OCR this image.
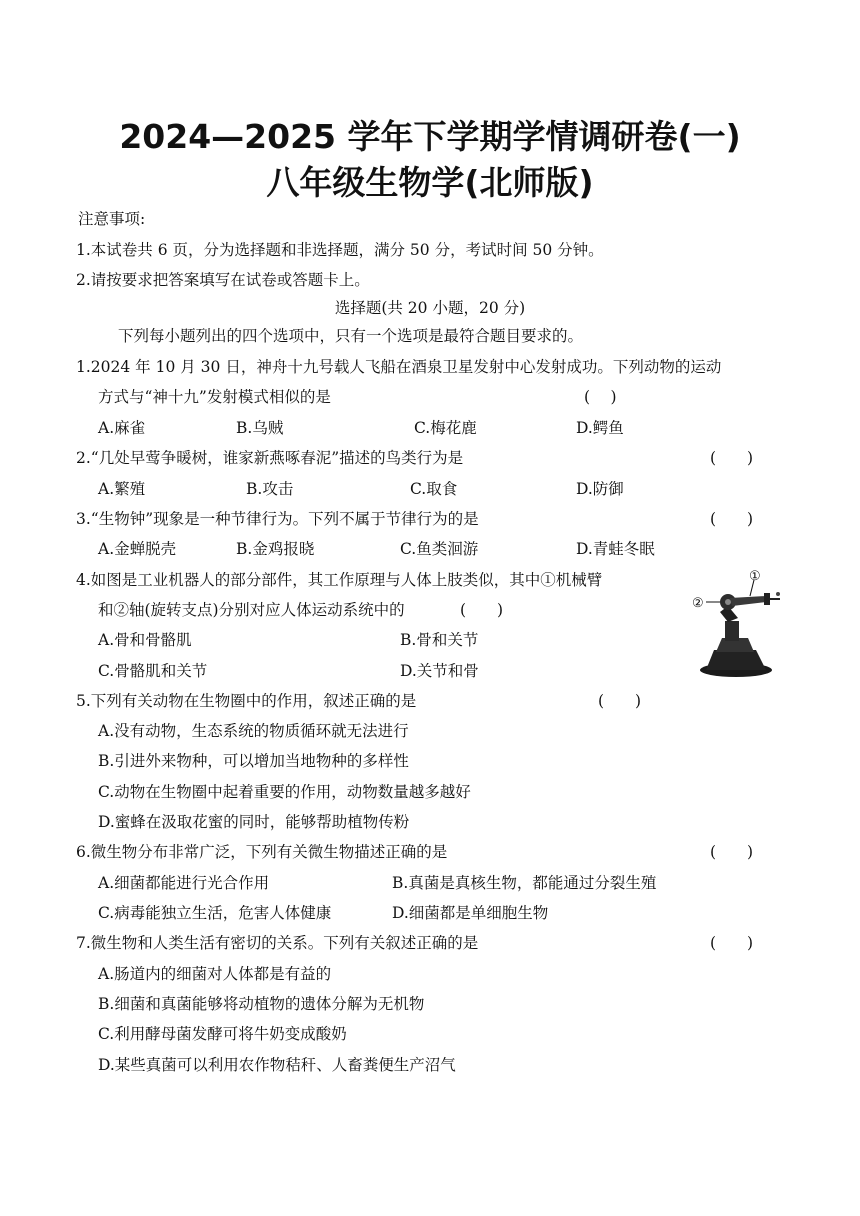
2024—2025 学年下学期学情调研卷(一)
八年级生物学(北师版)
注意事项:
1.本试卷共 6 页，分为选择题和非选择题，满分 50 分，考试时间 50 分钟。
2.请按要求把答案填写在试卷或答题卡上。
选择题(共 20 小题，20 分)
下列每小题列出的四个选项中，只有一个选项是最符合题目要求的。
1.2024 年 10 月 30 日，神舟十九号载人飞船在酒泉卫星发射中心发射成功。下列动物的运动
方式与“神十九”发射模式相似的是	(　 )
A.麻雀	B.乌贼	C.梅花鹿	D.鳄鱼
2.“几处早莺争暖树，谁家新燕啄春泥”描述的鸟类行为是	(　　)
A.繁殖	B.攻击	C.取食	D.防御
3.“生物钟”现象是一种节律行为。下列不属于节律行为的是	(　　)
A.金蝉脱壳	B.金鸡报晓	C.鱼类洄游	D.青蛙冬眠
4.如图是工业机器人的部分部件，其工作原理与人体上肢类似，其中①机械臂
和②轴(旋转支点)分别对应人体运动系统中的	(　　)
A.骨和骨骼肌	B.骨和关节
C.骨骼肌和关节	D.关节和骨
①
②
5.下列有关动物在生物圈中的作用，叙述正确的是	(　　)
A.没有动物，生态系统的物质循环就无法进行
B.引进外来物种，可以增加当地物种的多样性
C.动物在生物圈中起着重要的作用，动物数量越多越好
D.蜜蜂在汲取花蜜的同时，能够帮助植物传粉
6.微生物分布非常广泛，下列有关微生物描述正确的是	(　　)
A.细菌都能进行光合作用	B.真菌是真核生物，都能通过分裂生殖
C.病毒能独立生活，危害人体健康	D.细菌都是单细胞生物
7.微生物和人类生活有密切的关系。下列有关叙述正确的是	(　　)
A.肠道内的细菌对人体都是有益的
B.细菌和真菌能够将动植物的遗体分解为无机物
C.利用酵母菌发酵可将牛奶变成酸奶
D.某些真菌可以利用农作物秸秆、人畜粪便生产沼气
